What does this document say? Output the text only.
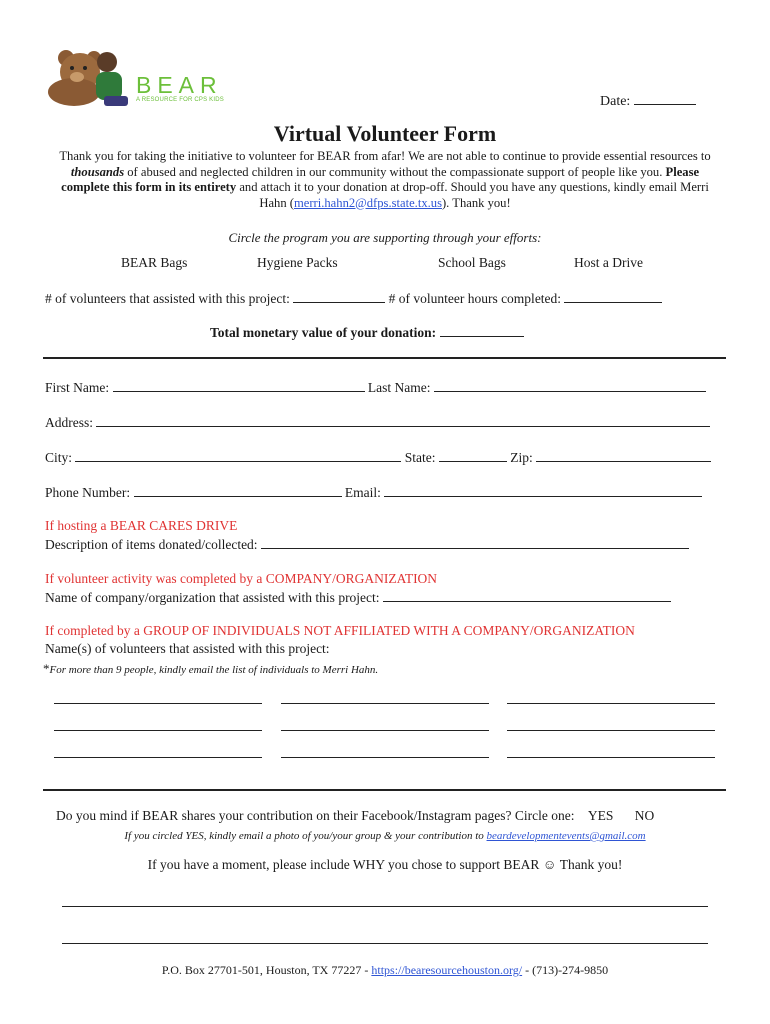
BEAR
A RESOURCE FOR CPS KIDS	Date:
Virtual Volunteer Form
Thank you for taking the initiative to volunteer for BEAR from afar! We are not able to continue to provide essential resources to thousands of abused and neglected children in our community without the compassionate support of people like you. Please complete this form in its entirety and attach it to your donation at drop-off. Should you have any questions, kindly email Merri Hahn (merri.hahn2@dfps.state.tx.us). Thank you!
Circle the program you are supporting through your efforts:
BEAR Bags	Hygiene Packs	School Bags	Host a Drive
# of volunteers that assisted with this project:	# of volunteer hours completed:
Total monetary value of your donation:
First Name:	Last Name:
Address:
City:	State:	Zip:
Phone Number:	Email:
If hosting a BEAR CARES DRIVE
Description of items donated/collected:
If volunteer activity was completed by a COMPANY/ORGANIZATION
Name of company/organization that assisted with this project:
If completed by a GROUP OF INDIVIDUALS NOT AFFILIATED WITH A COMPANY/ORGANIZATION
Name(s) of volunteers that assisted with this project:
*For more than 9 people, kindly email the list of individuals to Merri Hahn.
Do you mind if BEAR shares your contribution on their Facebook/Instagram pages? Circle one: YES NO
If you circled YES, kindly email a photo of you/your group & your contribution to beardevelopmentevents@gmail.com
If you have a moment, please include WHY you chose to support BEAR ☺ Thank you!
P.O. Box 27701-501, Houston, TX 77227 - https://bearesourcehouston.org/ - (713)-274-9850
